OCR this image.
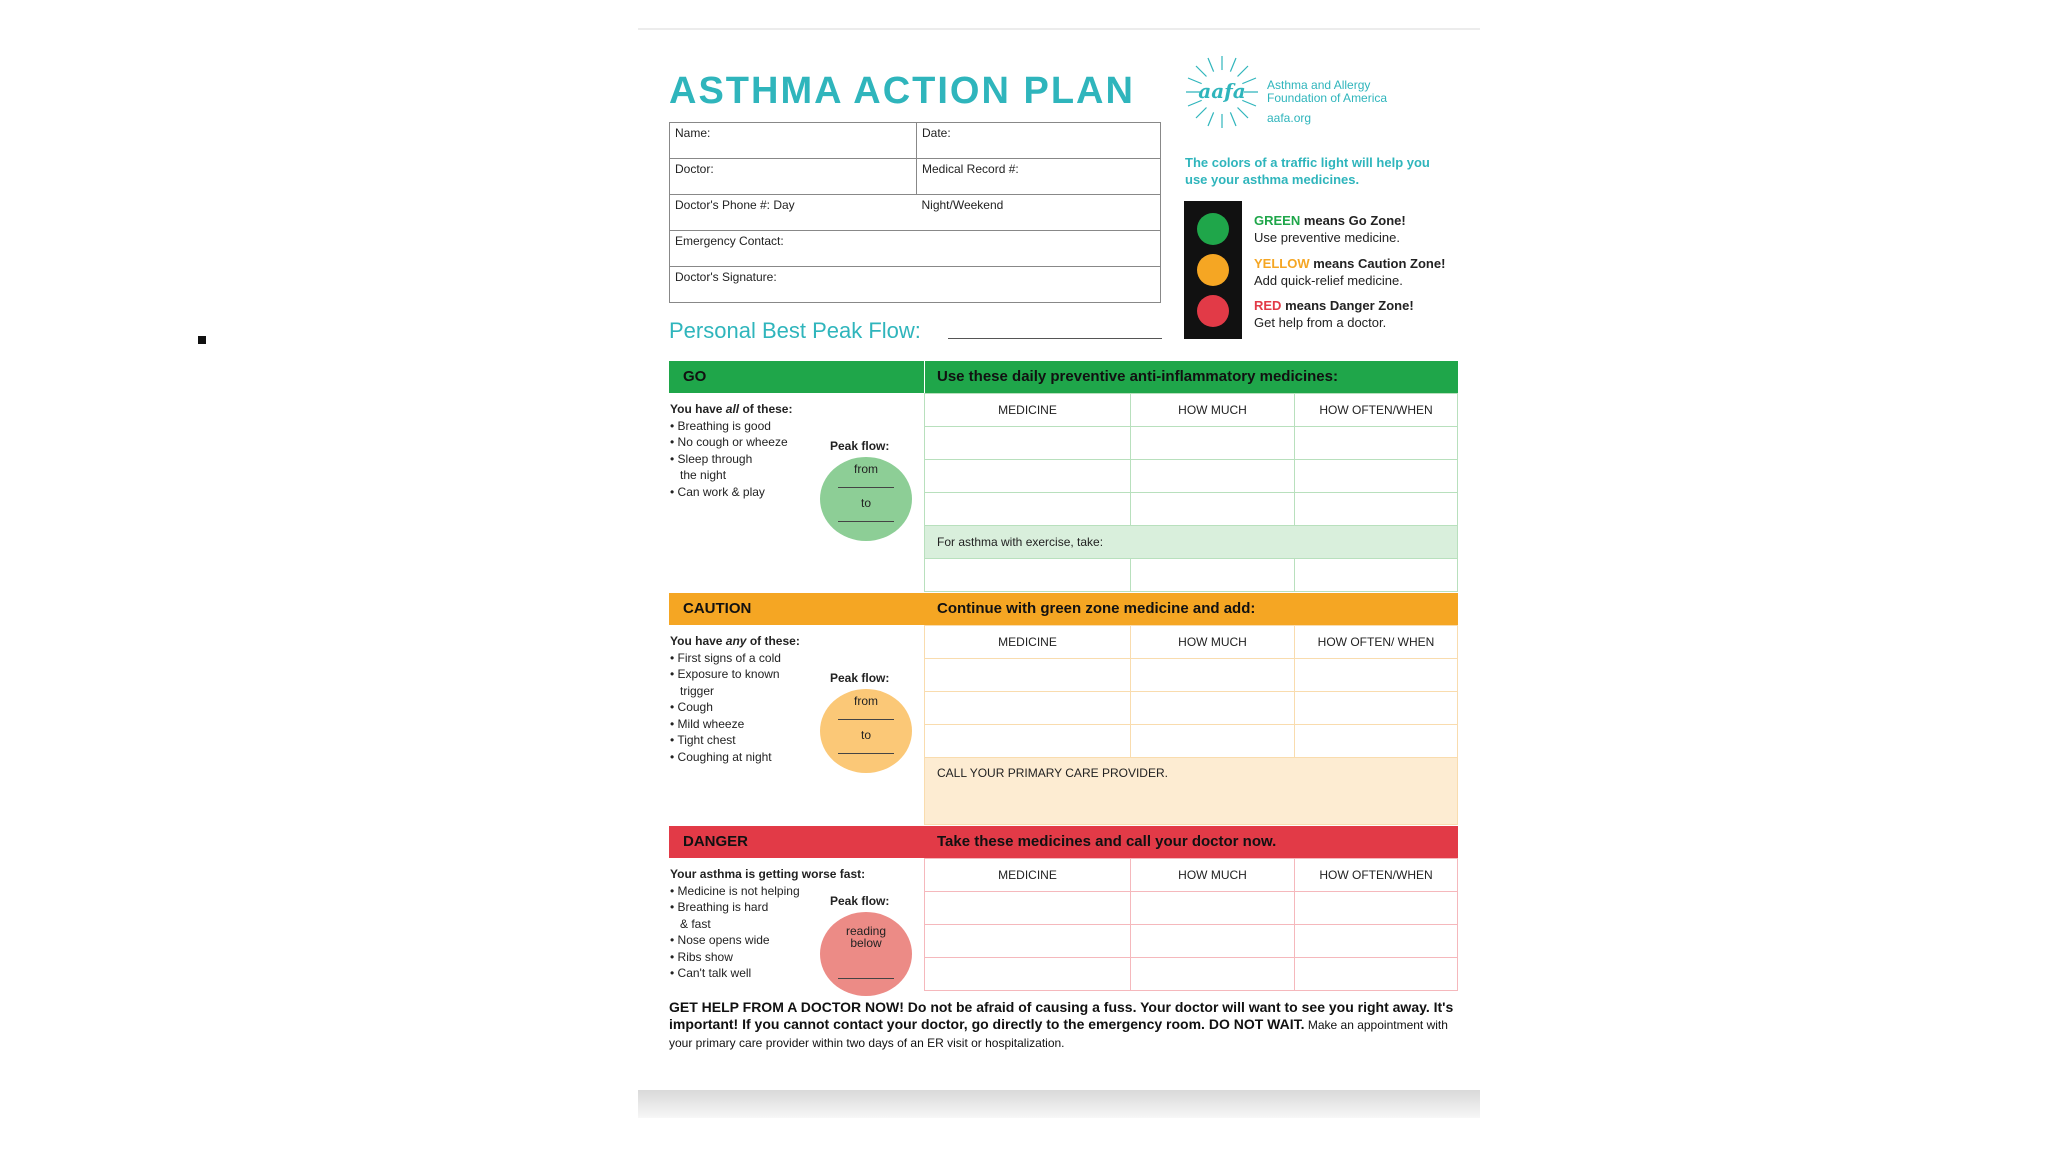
ASTHMA ACTION PLAN	aafa Asthma and Allergy
Foundation of America
aafa.org
Name:	Date:
Doctor:	Medical Record #:
Doctor's Phone #: Day	Night/Weekend
Emergency Contact:	
Doctor's Signature:	
Personal Best Peak Flow:
The colors of a traffic light will help you use your asthma medicines.
GREEN means Go Zone!
Use preventive medicine.
YELLOW means Caution Zone!
Add quick-relief medicine.
RED means Danger Zone!
Get help from a doctor.
GO	Use these daily preventive anti-inflammatory medicines:
You have all of these:
• Breathing is good
• No cough or wheeze
• Sleep through
the night
• Can work & play
Peak flow:
from
to
MEDICINE	HOW MUCH	HOW OFTEN/WHEN

For asthma with exercise, take:		

CAUTION	Continue with green zone medicine and add:
You have any of these:
• First signs of a cold
• Exposure to known
trigger
• Cough
• Mild wheeze
• Tight chest
• Coughing at night
Peak flow:
from
to
MEDICINE	HOW MUCH	HOW OFTEN/ WHEN

CALL YOUR PRIMARY CARE PROVIDER.		
DANGER	Take these medicines and call your doctor now.
Your asthma is getting worse fast:
• Medicine is not helping
• Breathing is hard
& fast
• Nose opens wide
• Ribs show
• Can't talk well
Peak flow:
reading
below
MEDICINE	HOW MUCH	HOW OFTEN/WHEN

GET HELP FROM A DOCTOR NOW! Do not be afraid of causing a fuss. Your doctor will want to see you right away. It's important! If you cannot contact your doctor, go directly to the emergency room. DO NOT WAIT. Make an appointment with your primary care provider within two days of an ER visit or hospitalization.
